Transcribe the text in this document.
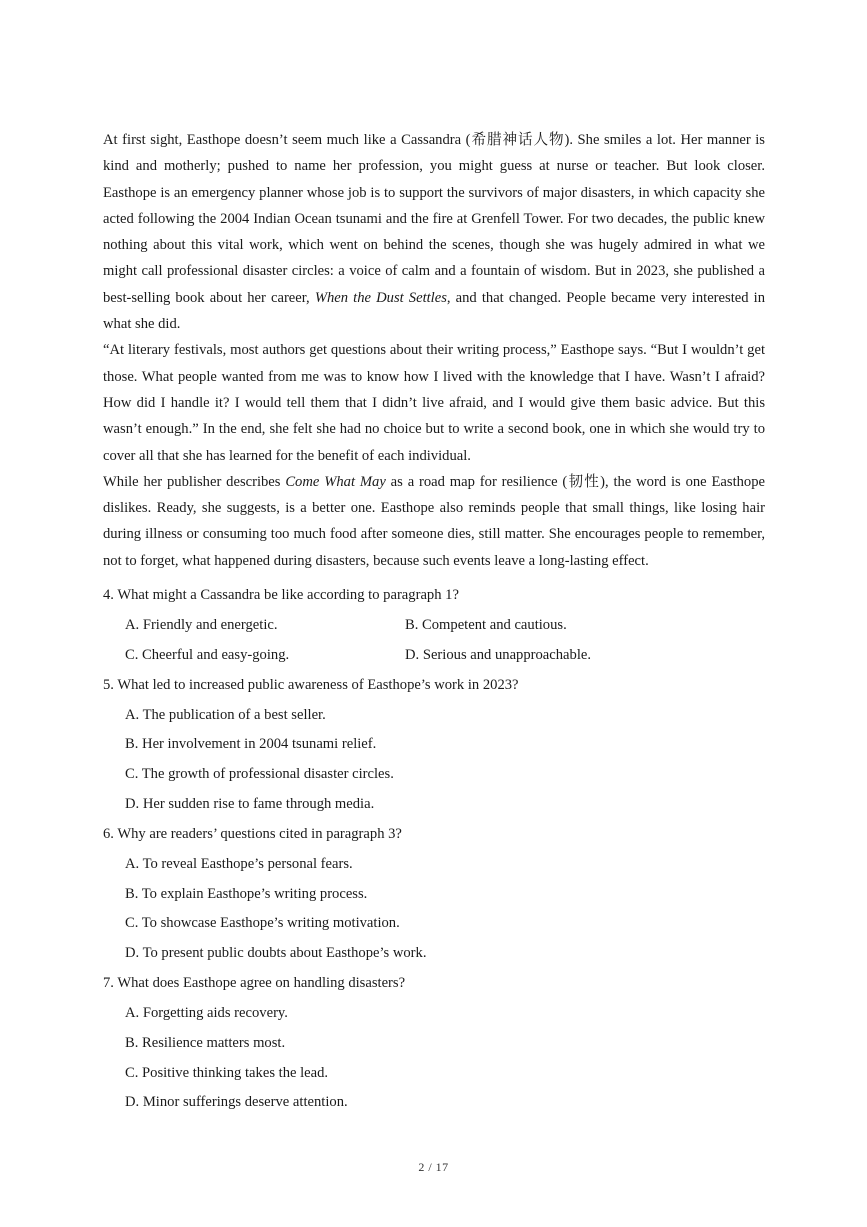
At first sight, Easthope doesn’t seem much like a Cassandra (希腊神话人物). She smiles a lot. Her manner is kind and motherly; pushed to name her profession, you might guess at nurse or teacher. But look closer. Easthope is an emergency planner whose job is to support the survivors of major disasters, in which capacity she acted following the 2004 Indian Ocean tsunami and the fire at Grenfell Tower. For two decades, the public knew nothing about this vital work, which went on behind the scenes, though she was hugely admired in what we might call professional disaster circles: a voice of calm and a fountain of wisdom. But in 2023, she published a best-selling book about her career, When the Dust Settles, and that changed. People became very interested in what she did.

“At literary festivals, most authors get questions about their writing process,” Easthope says. “But I wouldn’t get those. What people wanted from me was to know how I lived with the knowledge that I have. Wasn’t I afraid? How did I handle it? I would tell them that I didn’t live afraid, and I would give them basic advice. But this wasn’t enough.” In the end, she felt she had no choice but to write a second book, one in which she would try to cover all that she has learned for the benefit of each individual.

While her publisher describes Come What May as a road map for resilience (韧性), the word is one Easthope dislikes. Ready, she suggests, is a better one. Easthope also reminds people that small things, like losing hair during illness or consuming too much food after someone dies, still matter. She encourages people to remember, not to forget, what happened during disasters, because such events leave a long-lasting effect.

4. What might a Cassandra be like according to paragraph 1?
A. Friendly and energetic.	B. Competent and cautious.
C. Cheerful and easy-going.	D. Serious and unapproachable.
5. What led to increased public awareness of Easthope’s work in 2023?
A. The publication of a best seller.
B. Her involvement in 2004 tsunami relief.
C. The growth of professional disaster circles.
D. Her sudden rise to fame through media.
6. Why are readers’ questions cited in paragraph 3?
A. To reveal Easthope’s personal fears.
B. To explain Easthope’s writing process.
C. To showcase Easthope’s writing motivation.
D. To present public doubts about Easthope’s work.
7. What does Easthope agree on handling disasters?
A. Forgetting aids recovery.
B. Resilience matters most.
C. Positive thinking takes the lead.
D. Minor sufferings deserve attention.
2 / 17
